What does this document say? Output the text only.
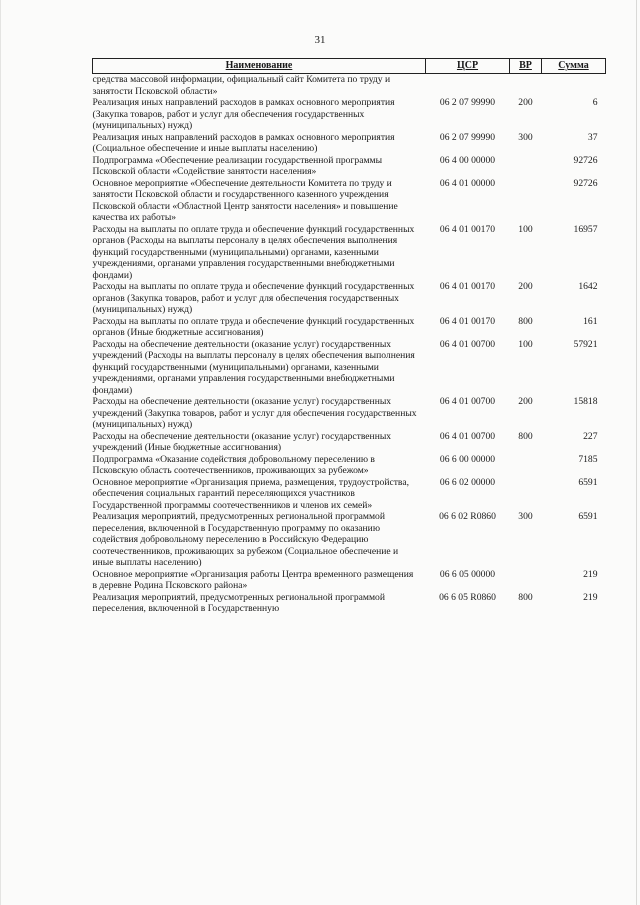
31
Наименование	ЦСР	ВР	Сумма
средства массовой информации, официальный сайт Комитета по труду и занятости Псковской области»			
Реализация иных направлений расходов в рамках основного мероприятия (Закупка товаров, работ и услуг для обеспечения государственных (муниципальных) нужд)	06 2 07 99990	200	6
Реализация иных направлений расходов в рамках основного мероприятия (Социальное обеспечение и иные выплаты населению)	06 2 07 99990	300	37
Подпрограмма «Обеспечение реализации государственной программы Псковской области «Содействие занятости населения»	06 4 00 00000		92726
Основное мероприятие «Обеспечение деятельности Комитета по труду и занятости Псковской области и государственного казенного учреждения Псковской области «Областной Центр занятости населения» и повышение качества их работы»	06 4 01 00000		92726
Расходы на выплаты по оплате труда и обеспечение функций государственных органов (Расходы на выплаты персоналу в целях обеспечения выполнения функций государственными (муниципальными) органами, казенными учреждениями, органами управления государственными внебюджетными фондами)	06 4 01 00170	100	16957
Расходы на выплаты по оплате труда и обеспечение функций государственных органов (Закупка товаров, работ и услуг для обеспечения государственных (муниципальных) нужд)	06 4 01 00170	200	1642
Расходы на выплаты по оплате труда и обеспечение функций государственных органов (Иные бюджетные ассигнования)	06 4 01 00170	800	161
Расходы на обеспечение деятельности (оказание услуг) государственных учреждений (Расходы на выплаты персоналу в целях обеспечения выполнения функций государственными (муниципальными) органами, казенными учреждениями, органами управления государственными внебюджетными фондами)	06 4 01 00700	100	57921
Расходы на обеспечение деятельности (оказание услуг) государственных учреждений (Закупка товаров, работ и услуг для обеспечения государственных (муниципальных) нужд)	06 4 01 00700	200	15818
Расходы на обеспечение деятельности (оказание услуг) государственных учреждений (Иные бюджетные ассигнования)	06 4 01 00700	800	227
Подпрограмма «Оказание содействия добровольному переселению в Псковскую область соотечественников, проживающих за рубежом»	06 6 00 00000		7185
Основное мероприятие «Организация приема, размещения, трудоустройства, обеспечения социальных гарантий переселяющихся участников Государственной программы соотечественников и членов их семей»	06 6 02 00000		6591
Реализация мероприятий, предусмотренных региональной программой переселения, включенной в Государственную программу по оказанию содействия добровольному переселению в Российскую Федерацию соотечественников, проживающих за рубежом (Социальное обеспечение и иные выплаты населению)	06 6 02 R0860	300	6591
Основное мероприятие «Организация работы Центра временного размещения в деревне Родина Псковского района»	06 6 05 00000		219
Реализация мероприятий, предусмотренных региональной программой переселения, включенной в Государственную	06 6 05 R0860	800	219
